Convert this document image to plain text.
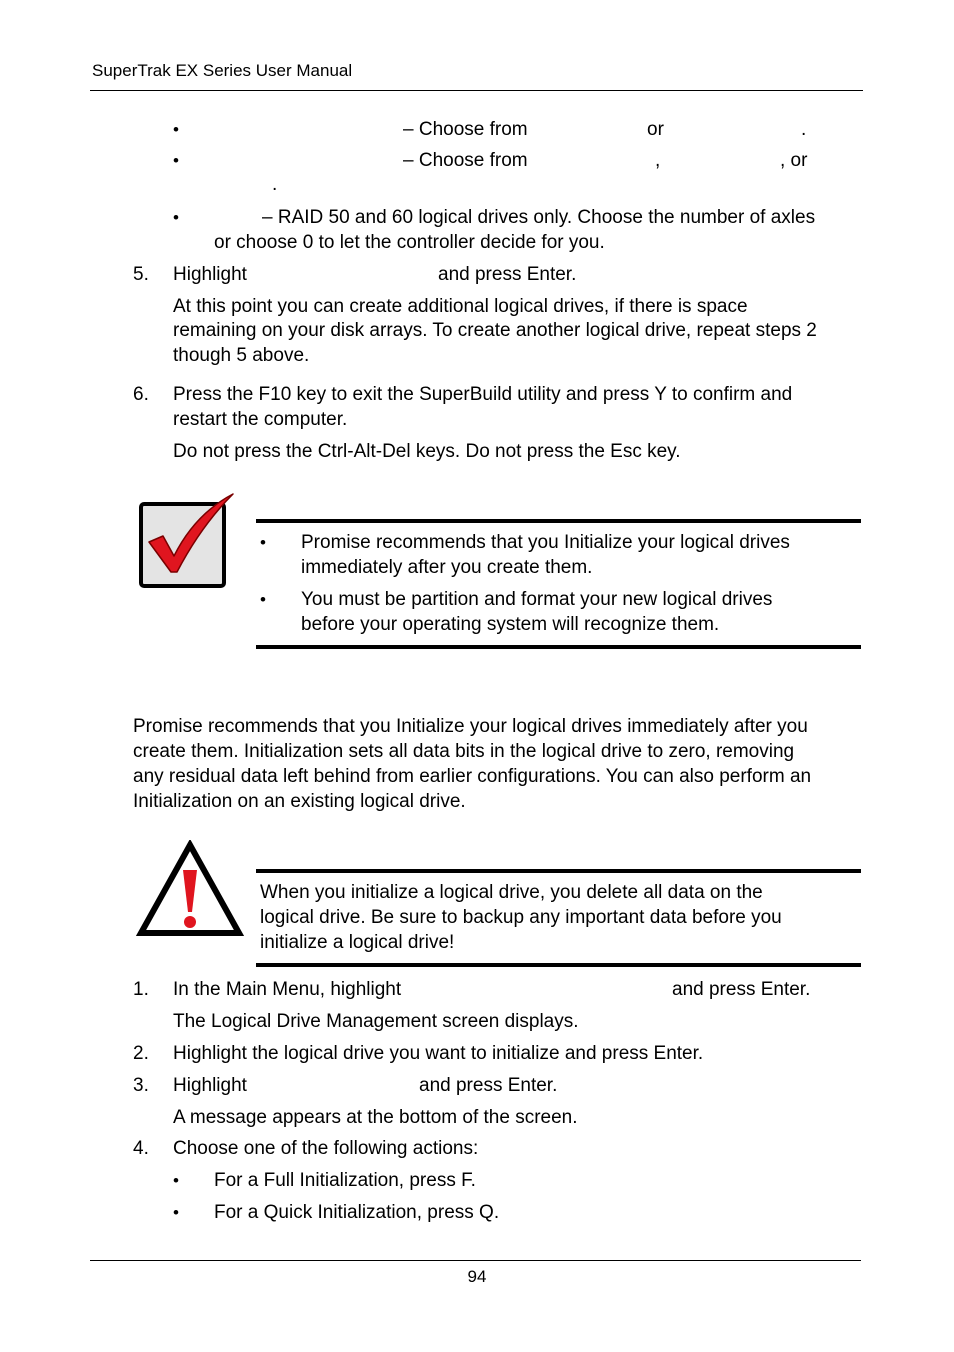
SuperTrak EX Series User Manual
•	– Choose from	or	.
•	– Choose from	,	, or
.
•	– RAID 50 and 60 logical drives only. Choose the number of axles
or choose 0 to let the controller decide for you.
5. Highlight	and press Enter.
At this point you can create additional logical drives, if there is space
remaining on your disk arrays. To create another logical drive, repeat steps 2
though 5 above.
6. Press the F10 key to exit the SuperBuild utility and press Y to confirm and
restart the computer.
Do not press the Ctrl-Alt-Del keys. Do not press the Esc key.
• Promise recommends that you Initialize your logical drives
immediately after you create them.
• You must be partition and format your new logical drives
before your operating system will recognize them.
Promise recommends that you Initialize your logical drives immediately after you
create them. Initialization sets all data bits in the logical drive to zero, removing
any residual data left behind from earlier configurations. You can also perform an
Initialization on an existing logical drive.
When you initialize a logical drive, you delete all data on the
logical drive. Be sure to backup any important data before you
initialize a logical drive!
1. In the Main Menu, highlight	and press Enter.
The Logical Drive Management screen displays.
2. Highlight the logical drive you want to initialize and press Enter.
3. Highlight	and press Enter.
A message appears at the bottom of the screen.
4. Choose one of the following actions:
• For a Full Initialization, press F.
• For a Quick Initialization, press Q.
94
